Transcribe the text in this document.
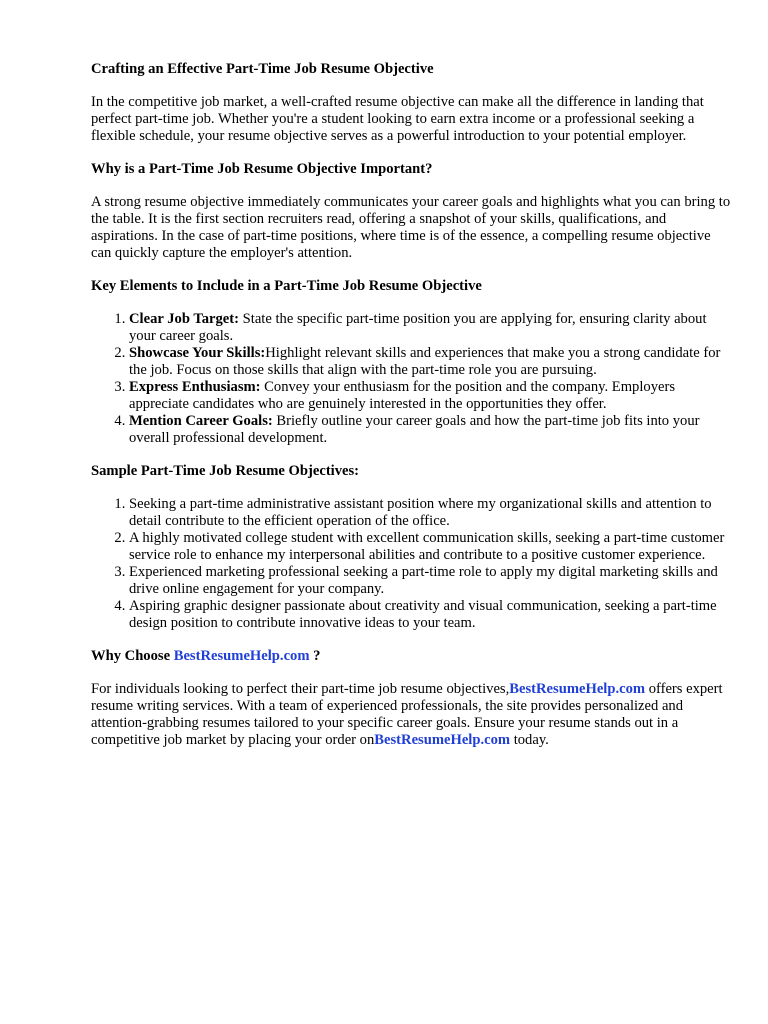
Crafting an Effective Part-Time Job Resume Objective

In the competitive job market, a well-crafted resume objective can make all the difference in landing that perfect part-time job. Whether you're a student looking to earn extra income or a professional seeking a flexible schedule, your resume objective serves as a powerful introduction to your potential employer.

Why is a Part-Time Job Resume Objective Important?

A strong resume objective immediately communicates your career goals and highlights what you can bring to the table. It is the first section recruiters read, offering a snapshot of your skills, qualifications, and aspirations. In the case of part-time positions, where time is of the essence, a compelling resume objective can quickly capture the employer's attention.

Key Elements to Include in a Part-Time Job Resume Objective
1. Clear Job Target: State the specific part-time position you are applying for, ensuring clarity about your career goals.
2. Showcase Your Skills:Highlight relevant skills and experiences that make you a strong candidate for the job. Focus on those skills that align with the part-time role you are pursuing.
3. Express Enthusiasm: Convey your enthusiasm for the position and the company. Employers appreciate candidates who are genuinely interested in the opportunities they offer.
4. Mention Career Goals: Briefly outline your career goals and how the part-time job fits into your overall professional development.
Sample Part-Time Job Resume Objectives:
1. Seeking a part-time administrative assistant position where my organizational skills and attention to detail contribute to the efficient operation of the office.
2. A highly motivated college student with excellent communication skills, seeking a part-time customer service role to enhance my interpersonal abilities and contribute to a positive customer experience.
3. Experienced marketing professional seeking a part-time role to apply my digital marketing skills and drive online engagement for your company.
4. Aspiring graphic designer passionate about creativity and visual communication, seeking a part-time design position to contribute innovative ideas to your team.
Why Choose BestResumeHelp.com ?

For individuals looking to perfect their part-time job resume objectives,BestResumeHelp.com offers expert resume writing services. With a team of experienced professionals, the site provides personalized and attention-grabbing resumes tailored to your specific career goals. Ensure your resume stands out in a competitive job market by placing your order onBestResumeHelp.com today.
